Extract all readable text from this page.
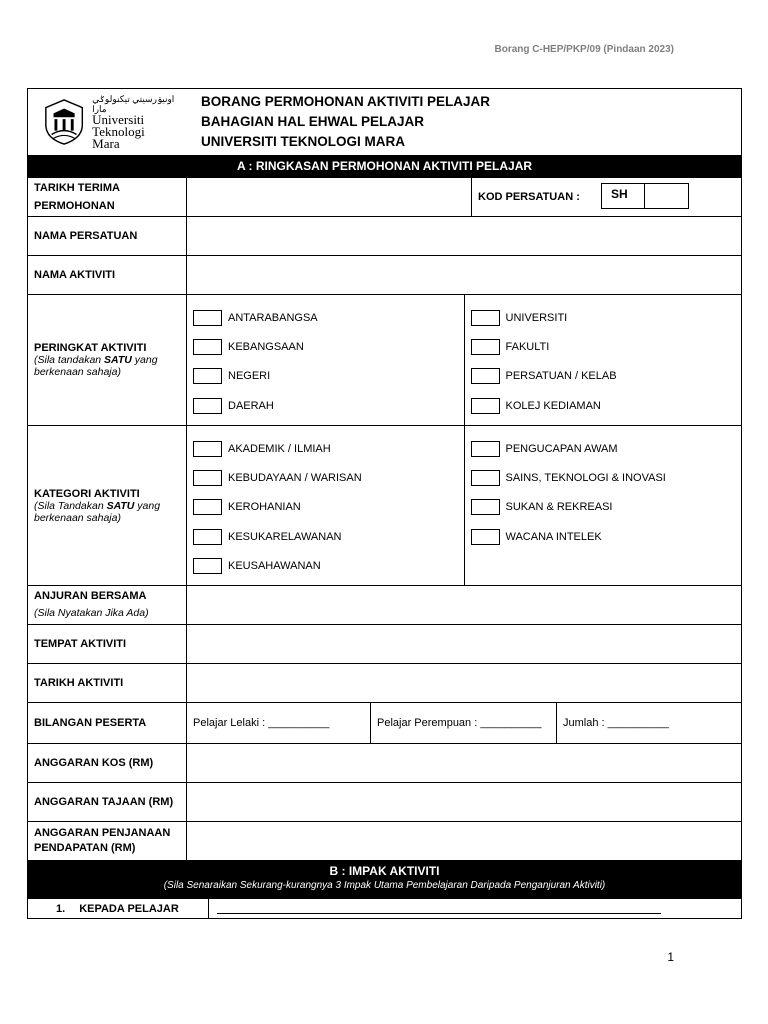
Borang C-HEP/PKP/09 (Pindaan 2023)
اونيۏرسيتي تيكنولوݢي مارا
Universiti
Teknologi
Mara
BORANG PERMOHONAN AKTIVITI PELAJAR
BAHAGIAN HAL EHWAL PELAJAR
UNIVERSITI TEKNOLOGI MARA
A : RINGKASAN PERMOHONAN AKTIVITI PELAJAR
TARIKH TERIMA PERMOHONAN
KOD PERSATUAN :	SH
NAMA PERSATUAN
NAMA AKTIVITI
PERINGKAT AKTIVITI
(Sila tandakan SATU yang berkenaan sahaja)
ANTARABANGSA
KEBANGSAAN
NEGERI
DAERAH
UNIVERSITI
FAKULTI
PERSATUAN / KELAB
KOLEJ KEDIAMAN
KATEGORI AKTIVITI
(Sila Tandakan SATU yang berkenaan sahaja)
AKADEMIK / ILMIAH
KEBUDAYAAN / WARISAN
KEROHANIAN
KESUKARELAWANAN
KEUSAHAWANAN
PENGUCAPAN AWAM
SAINS, TEKNOLOGI & INOVASI
SUKAN & REKREASI
WACANA INTELEK
ANJURAN BERSAMA
(Sila Nyatakan Jika Ada)
TEMPAT AKTIVITI
TARIKH AKTIVITI
BILANGAN PESERTA	Pelajar Lelaki : __________	Pelajar Perempuan : __________	Jumlah : __________
ANGGARAN KOS (RM)
ANGGARAN TAJAAN (RM)
ANGGARAN PENJANAAN PENDAPATAN (RM)
B : IMPAK AKTIVITI
(Sila Senaraikan Sekurang-kurangnya 3 Impak Utama Pembelajaran Daripada Penganjuran Aktiviti)
1. KEPADA PELAJAR
1
